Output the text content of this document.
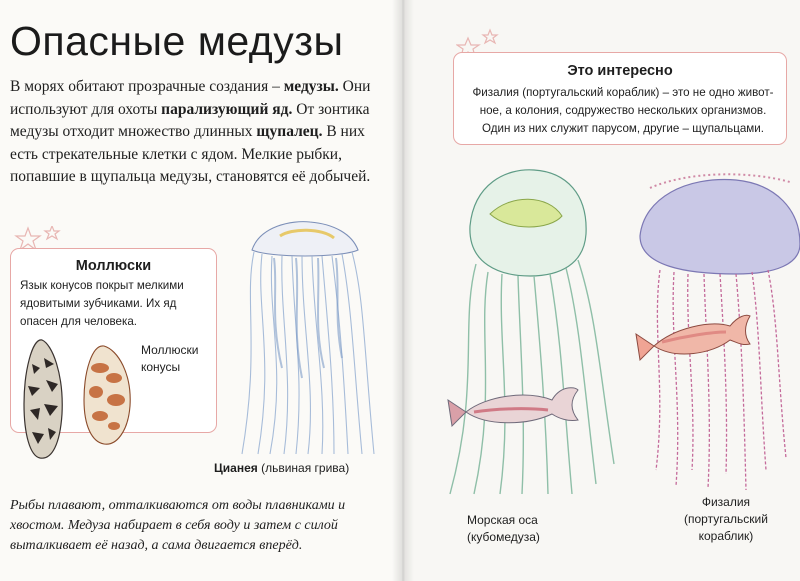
Опасные медузы
В морях обитают прозрачные создания – медузы. Они используют для охоты парализующий яд. От зонтика медузы отходит множество длинных щупалец. В них есть стрекательные клетки с ядом. Мелкие рыбки, попавшие в щупальца медузы, становятся её добычей.
Моллюски
Язык конусов покрыт мелкими ядовитыми зубчиками. Их яд опасен для человека.
Моллюски
конусы
Цианея (львиная грива)
Рыбы плавают, отталкиваются от воды плавниками и хвостом. Медуза набирает в себя воду и затем с силой выталкивает её назад, а сама двигается вперёд.
Это интересно
Физалия (португальский кораблик) – это не одно животное, а колония, содружество нескольких организмов. Один из них служит парусом, другие – щупальцами.
Морская оса
(кубомедуза)
Физалия
(португальский
кораблик)
